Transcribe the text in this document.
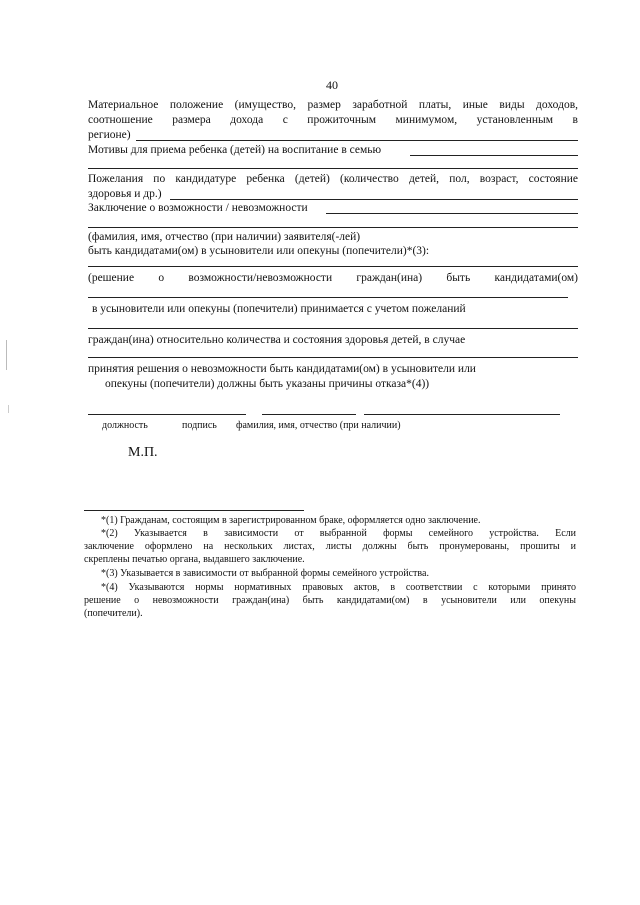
40
Материальное положение (имущество, размер заработной платы, иные виды доходов,
соотношение размера дохода с прожиточным минимумом, установленным в
регионе)
Мотивы для приема ребенка (детей) на воспитание в семью
Пожелания по кандидатуре ребенка (детей) (количество детей, пол, возраст, состояние
здоровья и др.)
Заключение о возможности / невозможности
(фамилия, имя, отчество (при наличии) заявителя(-лей)
быть кандидатами(ом) в усыновители или опекуны (попечители)*(3):
(решение о возможности/невозможности граждан(ина) быть кандидатами(ом)
в усыновители или опекуны (попечители) принимается с учетом пожеланий
граждан(ина) относительно количества и состояния здоровья детей, в случае
принятия решения о невозможности быть кандидатами(ом) в усыновители или
опекуны (попечители) должны быть указаны причины отказа*(4))
должность	подпись фамилия, имя, отчество (при наличии)
М.П.
*(1) Гражданам, состоящим в зарегистрированном браке, оформляется одно заключение.
*(2) Указывается в зависимости от выбранной формы семейного устройства. Если
заключение оформлено на нескольких листах, листы должны быть пронумерованы, прошиты и
скреплены печатью органа, выдавшего заключение.
*(3) Указывается в зависимости от выбранной формы семейного устройства.
*(4) Указываются нормы нормативных правовых актов, в соответствии с которыми принято
решение о невозможности граждан(ина) быть кандидатами(ом) в усыновители или опекуны
(попечители).
